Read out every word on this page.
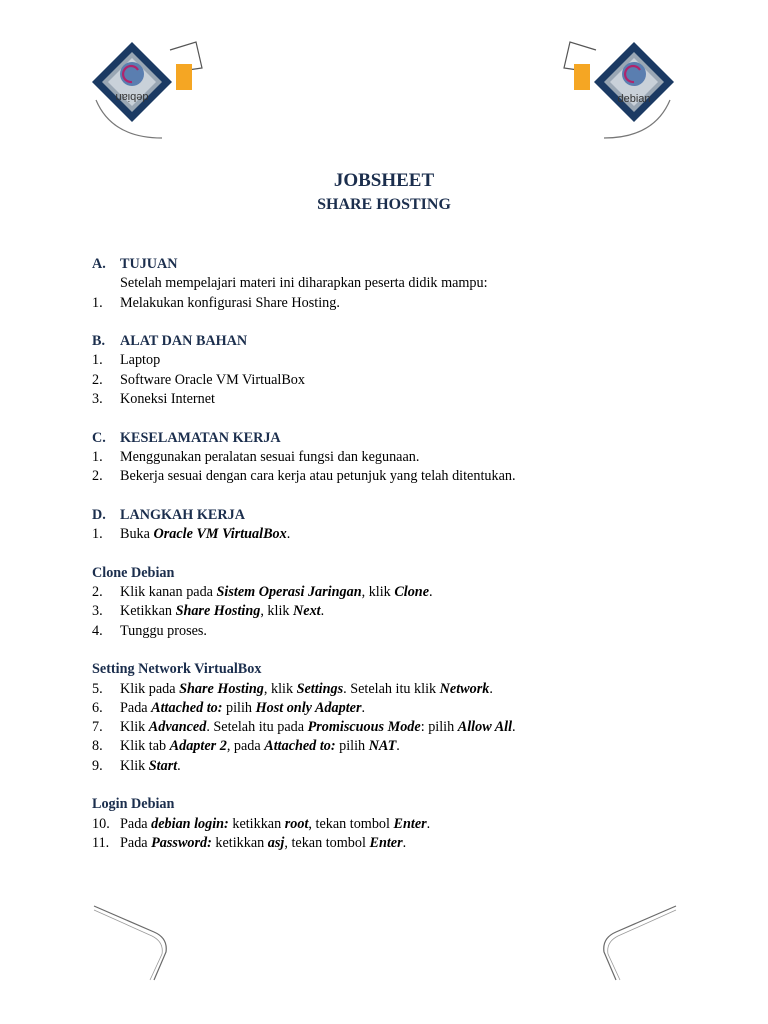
debian	debian
JOBSHEET
SHARE HOSTING
A.	TUJUAN
Setelah mempelajari materi ini diharapkan peserta didik mampu:
1.	Melakukan konfigurasi Share Hosting.
B.	ALAT DAN BAHAN
1.	Laptop
2.	Software Oracle VM VirtualBox
3.	Koneksi Internet
C.	KESELAMATAN KERJA
1.	Menggunakan peralatan sesuai fungsi dan kegunaan.
2.	Bekerja sesuai dengan cara kerja atau petunjuk yang telah ditentukan.
D.	LANGKAH KERJA
1.	Buka Oracle VM VirtualBox.
Clone Debian
2.	Klik kanan pada Sistem Operasi Jaringan, klik Clone.
3.	Ketikkan Share Hosting, klik Next.
4.	Tunggu proses.
Setting Network VirtualBox
5.	Klik pada Share Hosting, klik Settings. Setelah itu klik Network.
6.	Pada Attached to: pilih Host only Adapter.
7.	Klik Advanced. Setelah itu pada Promiscuous Mode: pilih Allow All.
8.	Klik tab Adapter 2, pada Attached to: pilih NAT.
9.	Klik Start.
Login Debian
10. Pada debian login: ketikkan root, tekan tombol Enter.
11. Pada Password: ketikkan asj, tekan tombol Enter.
